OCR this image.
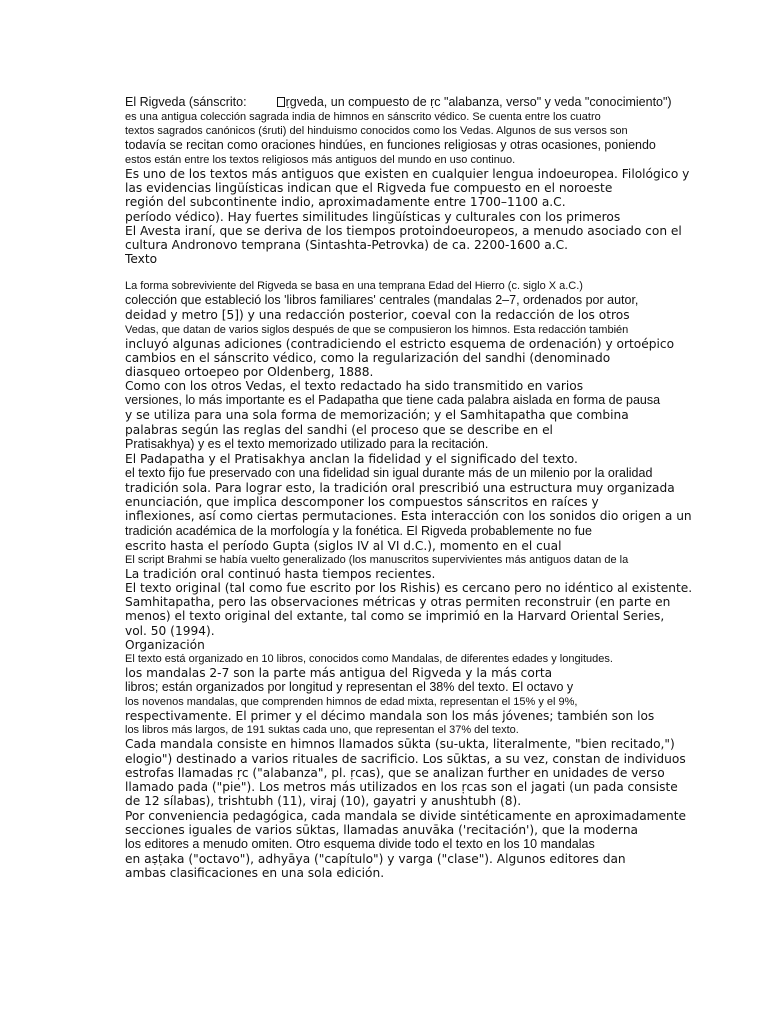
El Rigveda (sánscrito:	ṛgveda, un compuesto de ṛc "alabanza, verso" y veda "conocimiento")
es una antigua colección sagrada india de himnos en sánscrito védico. Se cuenta entre los cuatro
textos sagrados canónicos (śruti) del hinduismo conocidos como los Vedas. Algunos de sus versos son
todavía se recitan como oraciones hindúes, en funciones religiosas y otras ocasiones, poniendo
estos están entre los textos religiosos más antiguos del mundo en uso continuo.
Es uno de los textos más antiguos que existen en cualquier lengua indoeuropea. Filológico y
las evidencias lingüísticas indican que el Rigveda fue compuesto en el noroeste
región del subcontinente indio, aproximadamente entre 1700–1100 a.C.
período védico). Hay fuertes similitudes lingüísticas y culturales con los primeros
El Avesta iraní, que se deriva de los tiempos protoindoeuropeos, a menudo asociado con el
cultura Andronovo temprana (Sintashta-Petrovka) de ca. 2200-1600 a.C.
Texto
La forma sobreviviente del Rigveda se basa en una temprana Edad del Hierro (c. siglo X a.C.)
colección que estableció los 'libros familiares' centrales (mandalas 2–7, ordenados por autor,
deidad y metro [5]) y una redacción posterior, coeval con la redacción de los otros
Vedas, que datan de varios siglos después de que se compusieron los himnos. Esta redacción también
incluyó algunas adiciones (contradiciendo el estricto esquema de ordenación) y ortoépico
cambios en el sánscrito védico, como la regularización del sandhi (denominado
diasqueo ortoepeo por Oldenberg, 1888.
Como con los otros Vedas, el texto redactado ha sido transmitido en varios
versiones, lo más importante es el Padapatha que tiene cada palabra aislada en forma de pausa
y se utiliza para una sola forma de memorización; y el Samhitapatha que combina
palabras según las reglas del sandhi (el proceso que se describe en el
Pratisakhya) y es el texto memorizado utilizado para la recitación.
El Padapatha y el Pratisakhya anclan la fidelidad y el significado del texto.
el texto fijo fue preservado con una fidelidad sin igual durante más de un milenio por la oralidad
tradición sola. Para lograr esto, la tradición oral prescribió una estructura muy organizada
enunciación, que implica descomponer los compuestos sánscritos en raíces y
inflexiones, así como ciertas permutaciones. Esta interacción con los sonidos dio origen a un
tradición académica de la morfología y la fonética. El Rigveda probablemente no fue
escrito hasta el período Gupta (siglos IV al VI d.C.), momento en el cual
El script Brahmi se había vuelto generalizado (los manuscritos supervivientes más antiguos datan de la
La tradición oral continuó hasta tiempos recientes.
El texto original (tal como fue escrito por los Rishis) es cercano pero no idéntico al existente.
Samhitapatha, pero las observaciones métricas y otras permiten reconstruir (en parte en
menos) el texto original del extante, tal como se imprimió en la Harvard Oriental Series,
vol. 50 (1994).
Organización
El texto está organizado en 10 libros, conocidos como Mandalas, de diferentes edades y longitudes.
los mandalas 2-7 son la parte más antigua del Rigveda y la más corta
libros; están organizados por longitud y representan el 38% del texto. El octavo y
los novenos mandalas, que comprenden himnos de edad mixta, representan el 15% y el 9%,
respectivamente. El primer y el décimo mandala son los más jóvenes; también son los
los libros más largos, de 191 suktas cada uno, que representan el 37% del texto.
Cada mandala consiste en himnos llamados sūkta (su-ukta, literalmente, "bien recitado,")
elogio") destinado a varios rituales de sacrificio. Los sūktas, a su vez, constan de individuos
estrofas llamadas ṛc ("alabanza", pl. ṛcas), que se analizan further en unidades de verso
llamado pada ("pie"). Los metros más utilizados en los ṛcas son el jagati (un pada consiste
de 12 sílabas), trishtubh (11), viraj (10), gayatri y anushtubh (8).
Por conveniencia pedagógica, cada mandala se divide sintéticamente en aproximadamente
secciones iguales de varios sūktas, llamadas anuvāka ('recitación'), que la moderna
los editores a menudo omiten. Otro esquema divide todo el texto en los 10 mandalas
en aṣṭaka ("octavo"), adhyāya ("capítulo") y varga ("clase"). Algunos editores dan
ambas clasificaciones en una sola edición.
